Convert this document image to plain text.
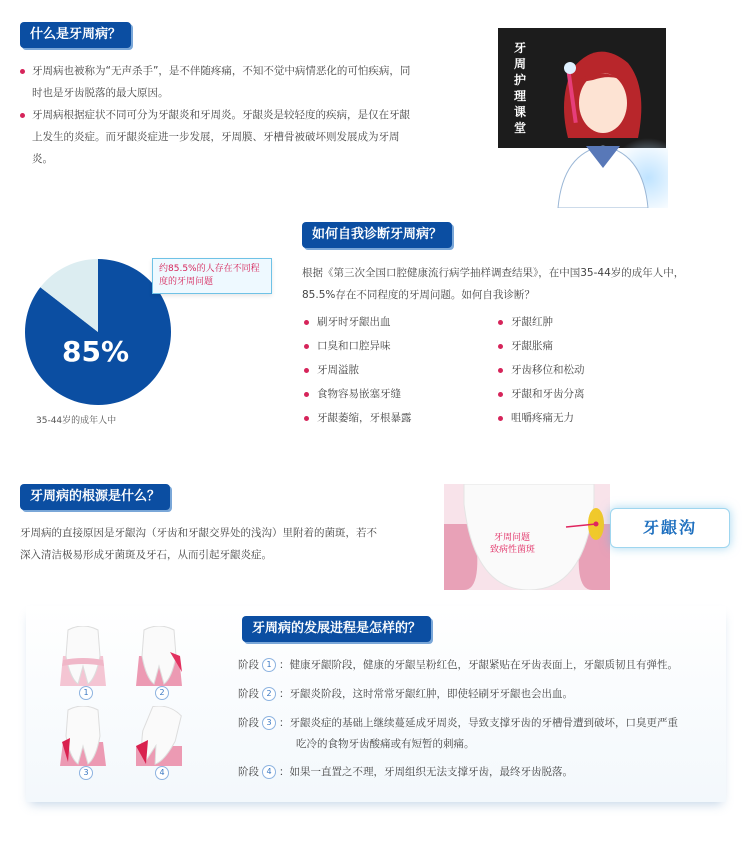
什么是牙周病？
牙周病也被称为“无声杀手”，是不伴随疼痛，不知不觉中病情恶化的可怕疾病，同时也是牙齿脱落的最大原因。
牙周病根据症状不同可分为牙龈炎和牙周炎。牙龈炎是较轻度的疾病，是仅在牙龈上发生的炎症。而牙龈炎症进一步发展，牙周膜、牙槽骨被破坏则发展成为牙周炎。
牙
周
护
理
课
堂
如何自我诊断牙周病？
85%
约85.5%的人存在不同程度的牙周问题
35-44岁的成年人中
根据《第三次全国口腔健康流行病学抽样调查结果》，在中国35-44岁的成年人中，85.5%存在不同程度的牙周问题。如何自我诊断？
刷牙时牙龈出血
口臭和口腔异味
牙周溢脓
食物容易嵌塞牙缝
牙龈萎缩，牙根暴露
牙龈红肿
牙龈胀痛
牙齿移位和松动
牙龈和牙齿分离
咀嚼疼痛无力
牙周病的根源是什么？
牙周病的直接原因是牙龈沟（牙齿和牙龈交界处的浅沟）里附着的菌斑，若不深入清洁极易形成牙菌斑及牙石，从而引起牙龈炎症。
牙周问题
致病性菌斑
牙龈沟
牙周病的发展进程是怎样的？
1	2
3	4
阶段 1 ：健康牙龈阶段，健康的牙龈呈粉红色，牙龈紧贴在牙齿表面上，牙龈质韧且有弹性。
阶段 2 ：牙龈炎阶段，这时常常牙龈红肿，即使轻刷牙牙龈也会出血。
阶段 3 ：牙龈炎症的基础上继续蔓延成牙周炎，导致支撑牙齿的牙槽骨遭到破坏，口臭更严重
吃冷的食物牙齿酸痛或有短暂的刺痛。
阶段 4 ：如果一直置之不理，牙周组织无法支撑牙齿，最终牙齿脱落。
